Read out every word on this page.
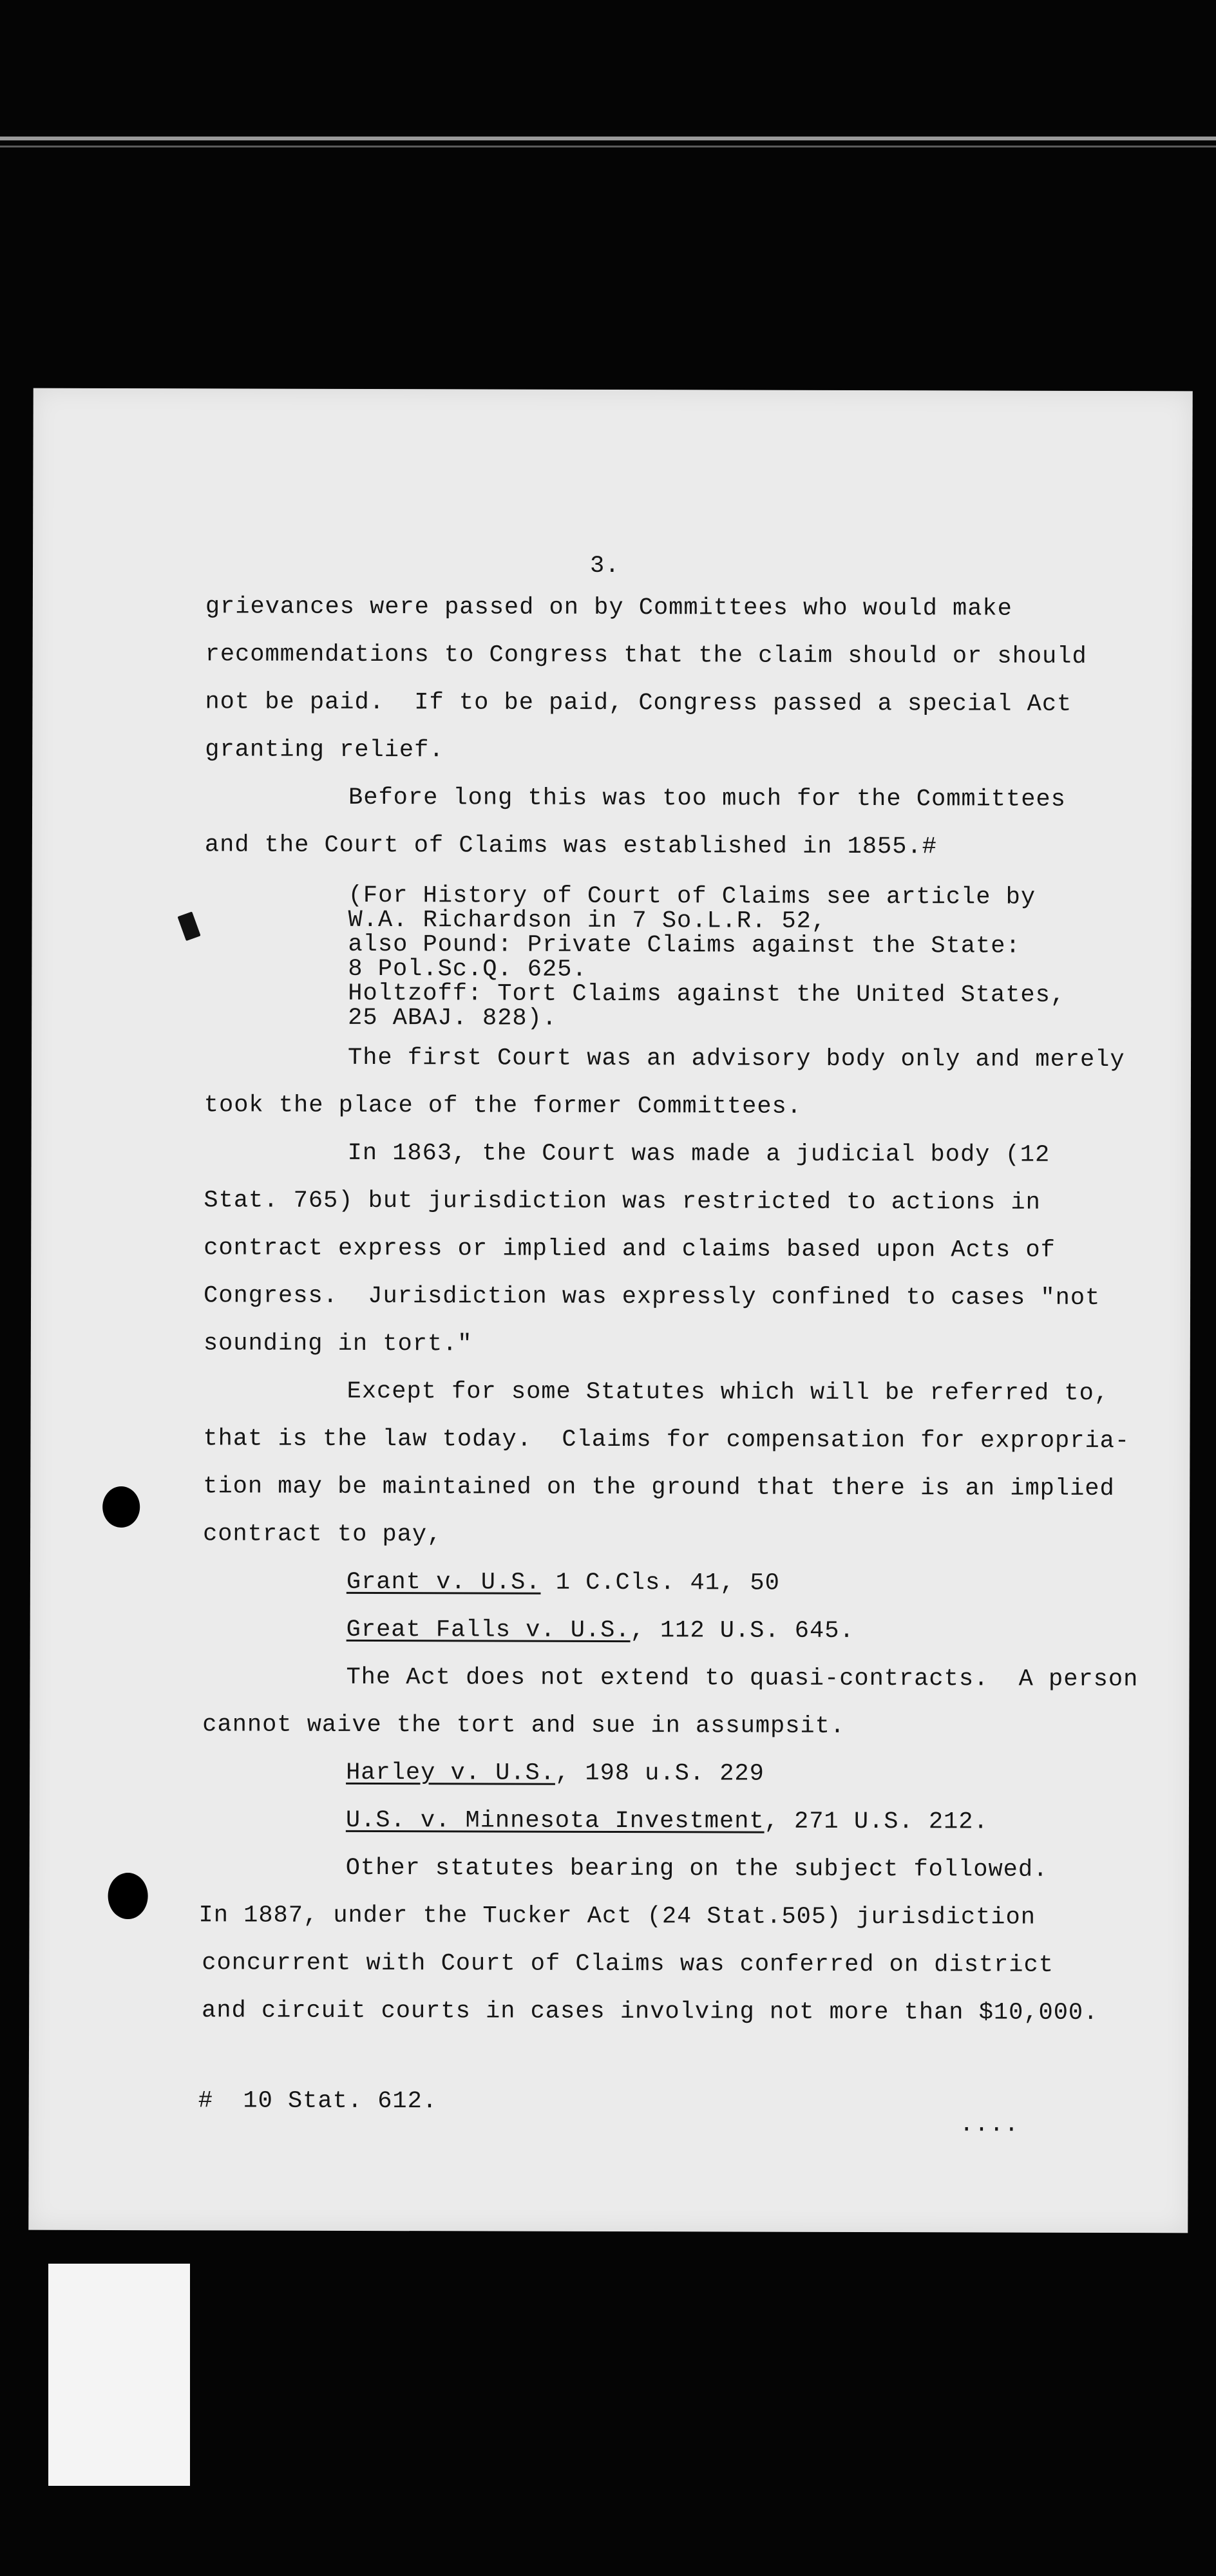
3.
grievances were passed on by Committees who would make
recommendations to Congress that the claim should or should
not be paid.  If to be paid, Congress passed a special Act
granting relief.
Before long this was too much for the Committees
and the Court of Claims was established in 1855.#
(For History of Court of Claims see article by
W.A. Richardson in 7 So.L.R. 52,
also Pound: Private Claims against the State:
8 Pol.Sc.Q. 625.
Holtzoff: Tort Claims against the United States,
25 ABAJ. 828).
The first Court was an advisory body only and merely
took the place of the former Committees.
In 1863, the Court was made a judicial body (12
Stat. 765) but jurisdiction was restricted to actions in
contract express or implied and claims based upon Acts of
Congress.  Jurisdiction was expressly confined to cases "not
sounding in tort."
Except for some Statutes which will be referred to,
that is the law today.  Claims for compensation for expropria-
tion may be maintained on the ground that there is an implied
contract to pay,
Grant v. U.S. 1 C.Cls. 41, 50
Great Falls v. U.S., 112 U.S. 645.
The Act does not extend to quasi-contracts.  A person
cannot waive the tort and sue in assumpsit.
Harley v. U.S., 198 u.S. 229
U.S. v. Minnesota Investment, 271 U.S. 212.
Other statutes bearing on the subject followed.
In 1887, under the Tucker Act (24 Stat.505) jurisdiction
concurrent with Court of Claims was conferred on district
and circuit courts in cases involving not more than $10,000.
#  10 Stat. 612.
....
